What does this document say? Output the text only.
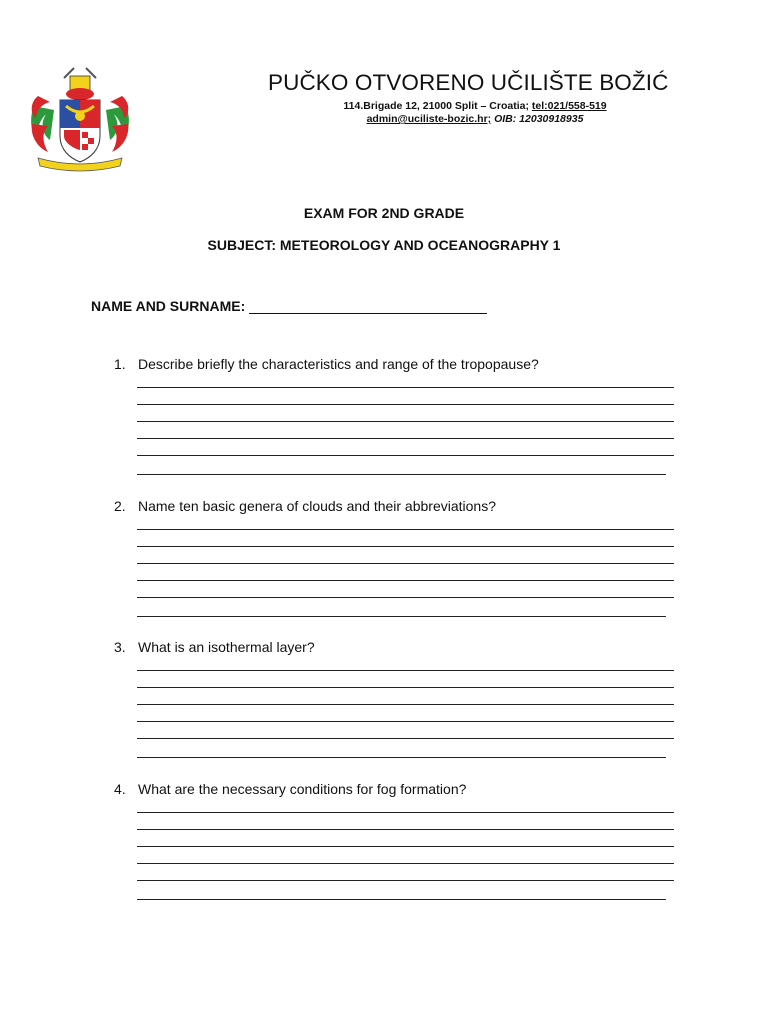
PUČKO OTVORENO UČILIŠTE BOŽIĆ
114.Brigade 12, 21000 Split – Croatia; tel:021/558-519
admin@uciliste-bozic.hr; OIB: 12030918935
EXAM FOR 2ND GRADE
SUBJECT: METEOROLOGY AND OCEANOGRAPHY 1
NAME AND SURNAME:
1. Describe briefly the characteristics and range of the tropopause?
2. Name ten basic genera of clouds and their abbreviations?
3. What is an isothermal layer?
4. What are the necessary conditions for fog formation?
